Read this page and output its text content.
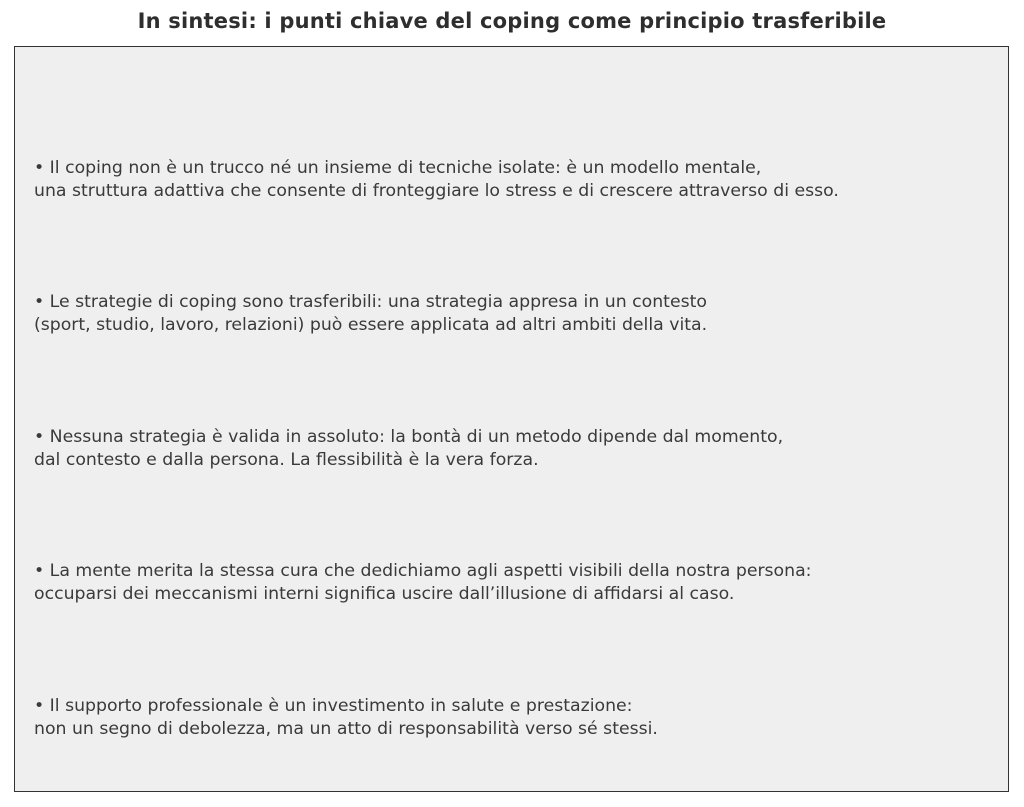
In sintesi: i punti chiave del coping come principio trasferibile
• Il coping non è un trucco né un insieme di tecniche isolate: è un modello mentale,
una struttura adattiva che consente di fronteggiare lo stress e di crescere attraverso di esso.
• Le strategie di coping sono trasferibili: una strategia appresa in un contesto
(sport, studio, lavoro, relazioni) può essere applicata ad altri ambiti della vita.
• Nessuna strategia è valida in assoluto: la bontà di un metodo dipende dal momento,
dal contesto e dalla persona. La flessibilità è la vera forza.
• La mente merita la stessa cura che dedichiamo agli aspetti visibili della nostra persona:
occuparsi dei meccanismi interni significa uscire dall’illusione di affidarsi al caso.
• Il supporto professionale è un investimento in salute e prestazione:
non un segno di debolezza, ma un atto di responsabilità verso sé stessi.
